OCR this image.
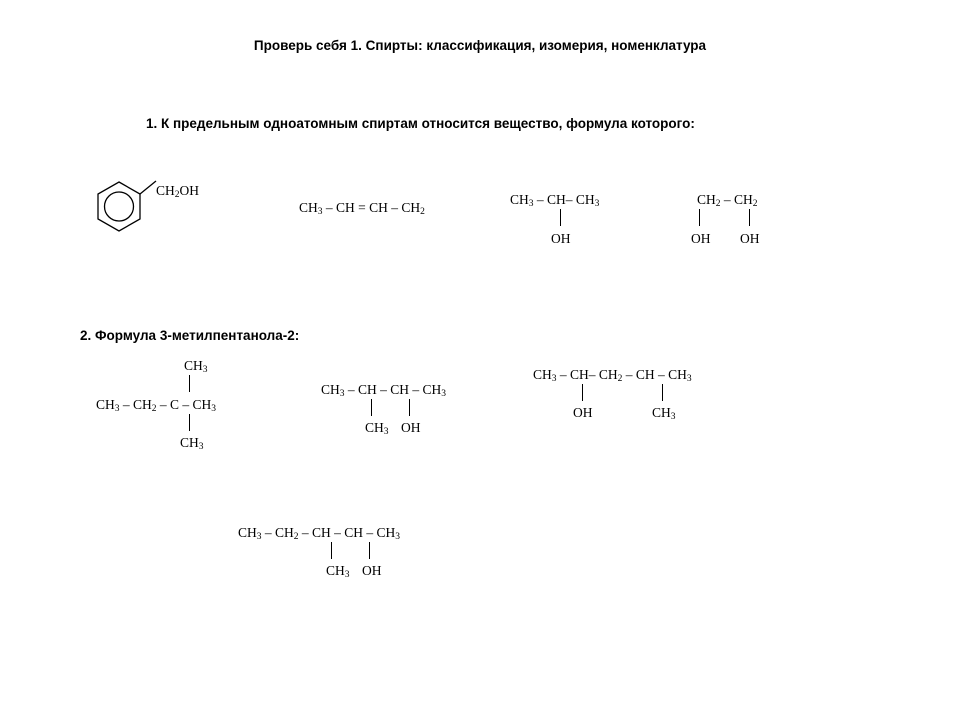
Проверь себя 1. Спирты: классификация, изомерия, номенклатура
1. К предельным одноатомным спиртам относится вещество, формула которого:
$CH_2OH$
$CH_3$ – CH = CH – $CH_2$
$CH_3 - CH-$ $CH_3$
OH
$CH_2 - CH_2$
OH OH
2. Формула 3-метилпентанола-2:
$CH_3$
$CH_3 - CH_2$ – C – $CH_3$
$CH_3$
$CH_3$ – CH – CH – $CH_3$
$CH_3$ OH
$CH_3 - CH-$ $CH_2$ – CH – $CH_3$
OH	$CH_3$
$CH_3 - CH_2$ – CH – CH – $CH_3$
$CH_3$ OH
